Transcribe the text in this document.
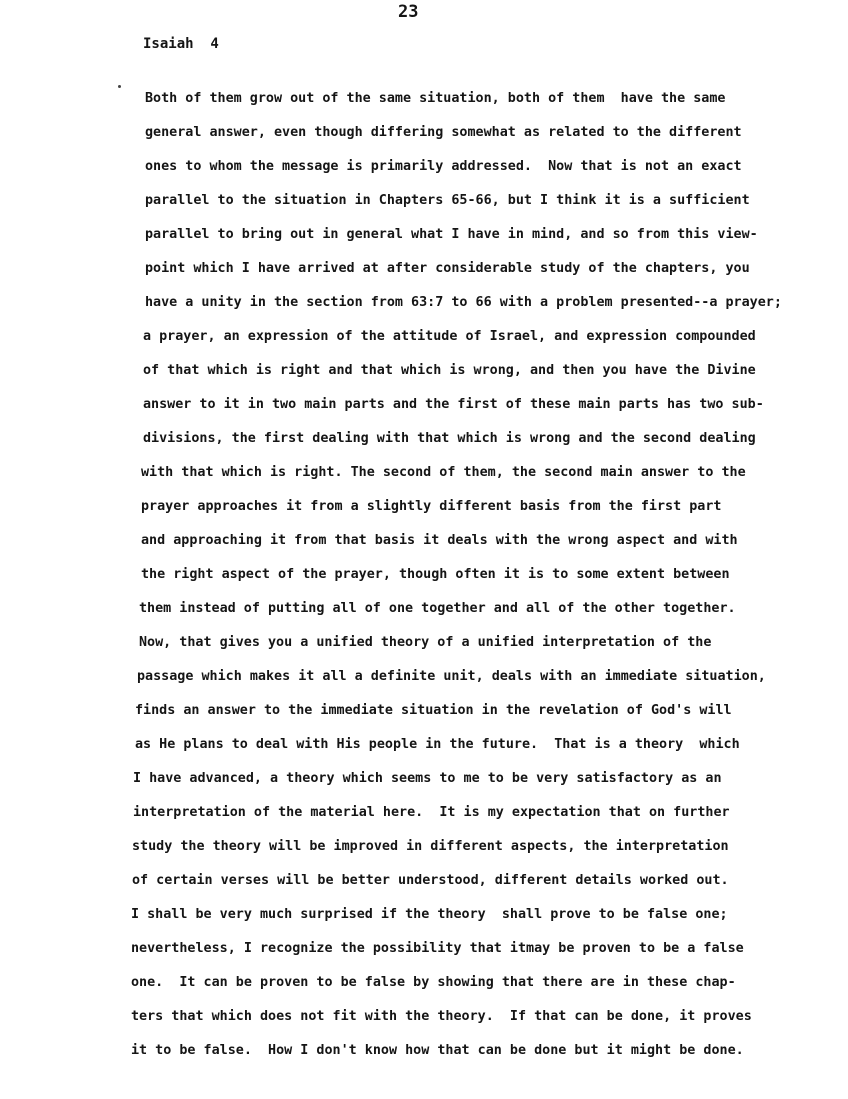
23
Isaiah  4
Both of them grow out of the same situation, both of them  have the same
general answer, even though differing somewhat as related to the different
ones to whom the message is primarily addressed.  Now that is not an exact
parallel to the situation in Chapters 65-66, but I think it is a sufficient
parallel to bring out in general what I have in mind, and so from this view-
point which I have arrived at after considerable study of the chapters, you
have a unity in the section from 63:7 to 66 with a problem presented--a prayer;
a prayer, an expression of the attitude of Israel, and expression compounded
of that which is right and that which is wrong, and then you have the Divine
answer to it in two main parts and the first of these main parts has two sub-
divisions, the first dealing with that which is wrong and the second dealing
with that which is right. The second of them, the second main answer to the
prayer approaches it from a slightly different basis from the first part
and approaching it from that basis it deals with the wrong aspect and with
the right aspect of the prayer, though often it is to some extent between
them instead of putting all of one together and all of the other together.
Now, that gives you a unified theory of a unified interpretation of the
passage which makes it all a definite unit, deals with an immediate situation,
finds an answer to the immediate situation in the revelation of God's will
as He plans to deal with His people in the future.  That is a theory  which
I have advanced, a theory which seems to me to be very satisfactory as an
interpretation of the material here.  It is my expectation that on further
study the theory will be improved in different aspects, the interpretation
of certain verses will be better understood, different details worked out.
I shall be very much surprised if the theory  shall prove to be false one;
nevertheless, I recognize the possibility that itmay be proven to be a false
one.  It can be proven to be false by showing that there are in these chap-
ters that which does not fit with the theory.  If that can be done, it proves
it to be false.  How I don't know how that can be done but it might be done.
